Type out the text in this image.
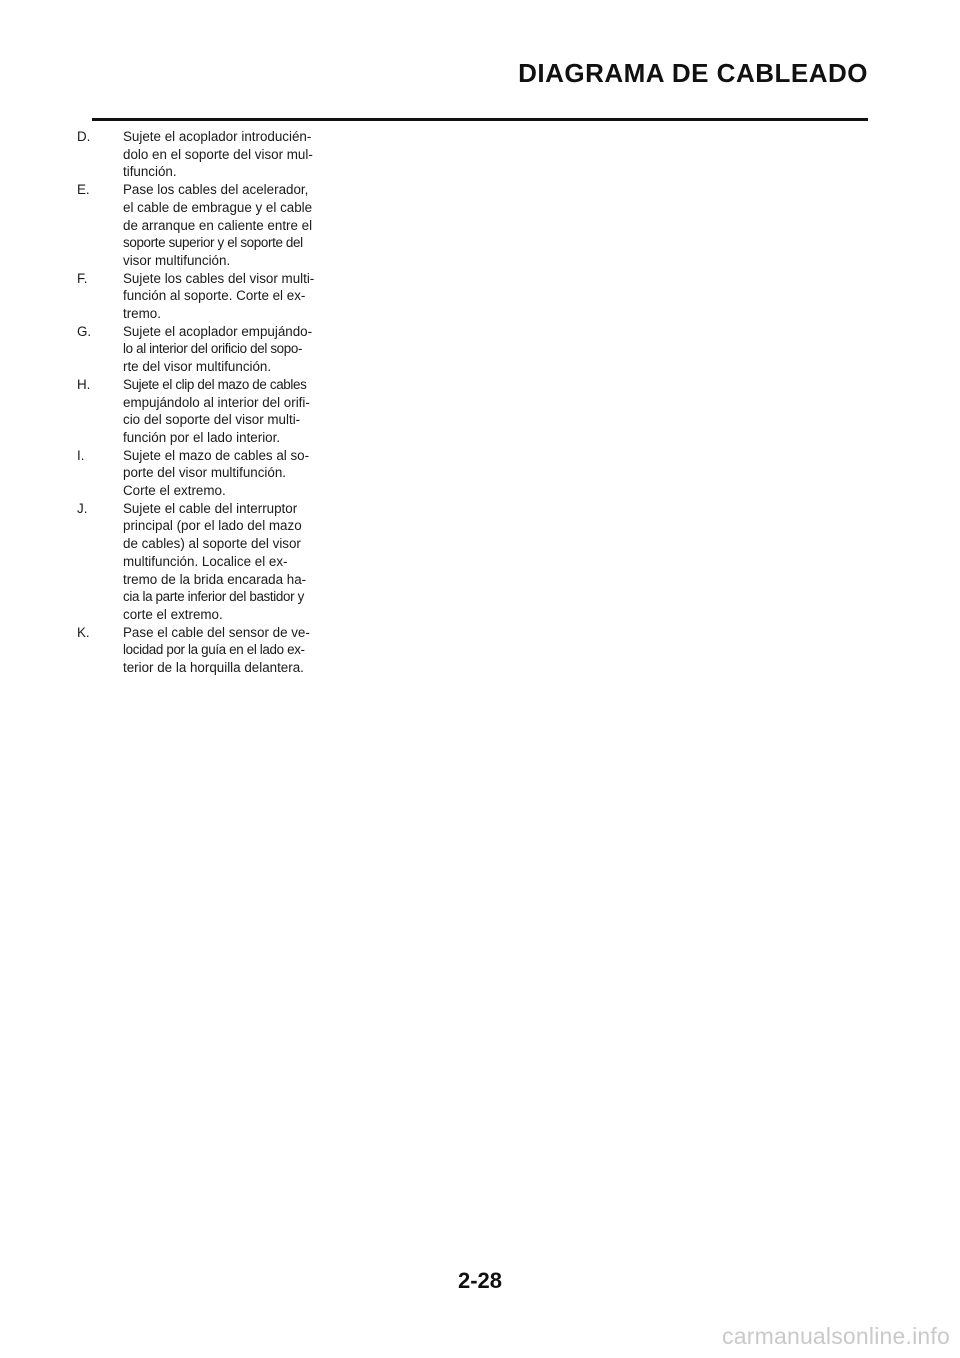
DIAGRAMA DE CABLEADO
D. Sujete el acoplador introducién-
dolo en el soporte del visor mul-
tifunción.
E. Pase los cables del acelerador,
el cable de embrague y el cable
de arranque en caliente entre el
soporte superior y el soporte del
visor multifunción.
F.	Sujete los cables del visor multi-
función al soporte. Corte el ex-
tremo.
G. Sujete el acoplador empujándo-
lo al interior del orificio del sopo-
rte del visor multifunción.
H. Sujete el clip del mazo de cables
empujándolo al interior del orifi-
cio del soporte del visor multi-
función por el lado interior.
I.	Sujete el mazo de cables al so-
porte del visor multifunción.
Corte el extremo.
J.	Sujete el cable del interruptor
principal (por el lado del mazo
de cables) al soporte del visor
multifunción. Localice el ex-
tremo de la brida encarada ha-
cia la parte inferior del bastidor y
corte el extremo.
K. Pase el cable del sensor de ve-
locidad por la guía en el lado ex-
terior de la horquilla delantera.
2-28
carmanualsonline.info
